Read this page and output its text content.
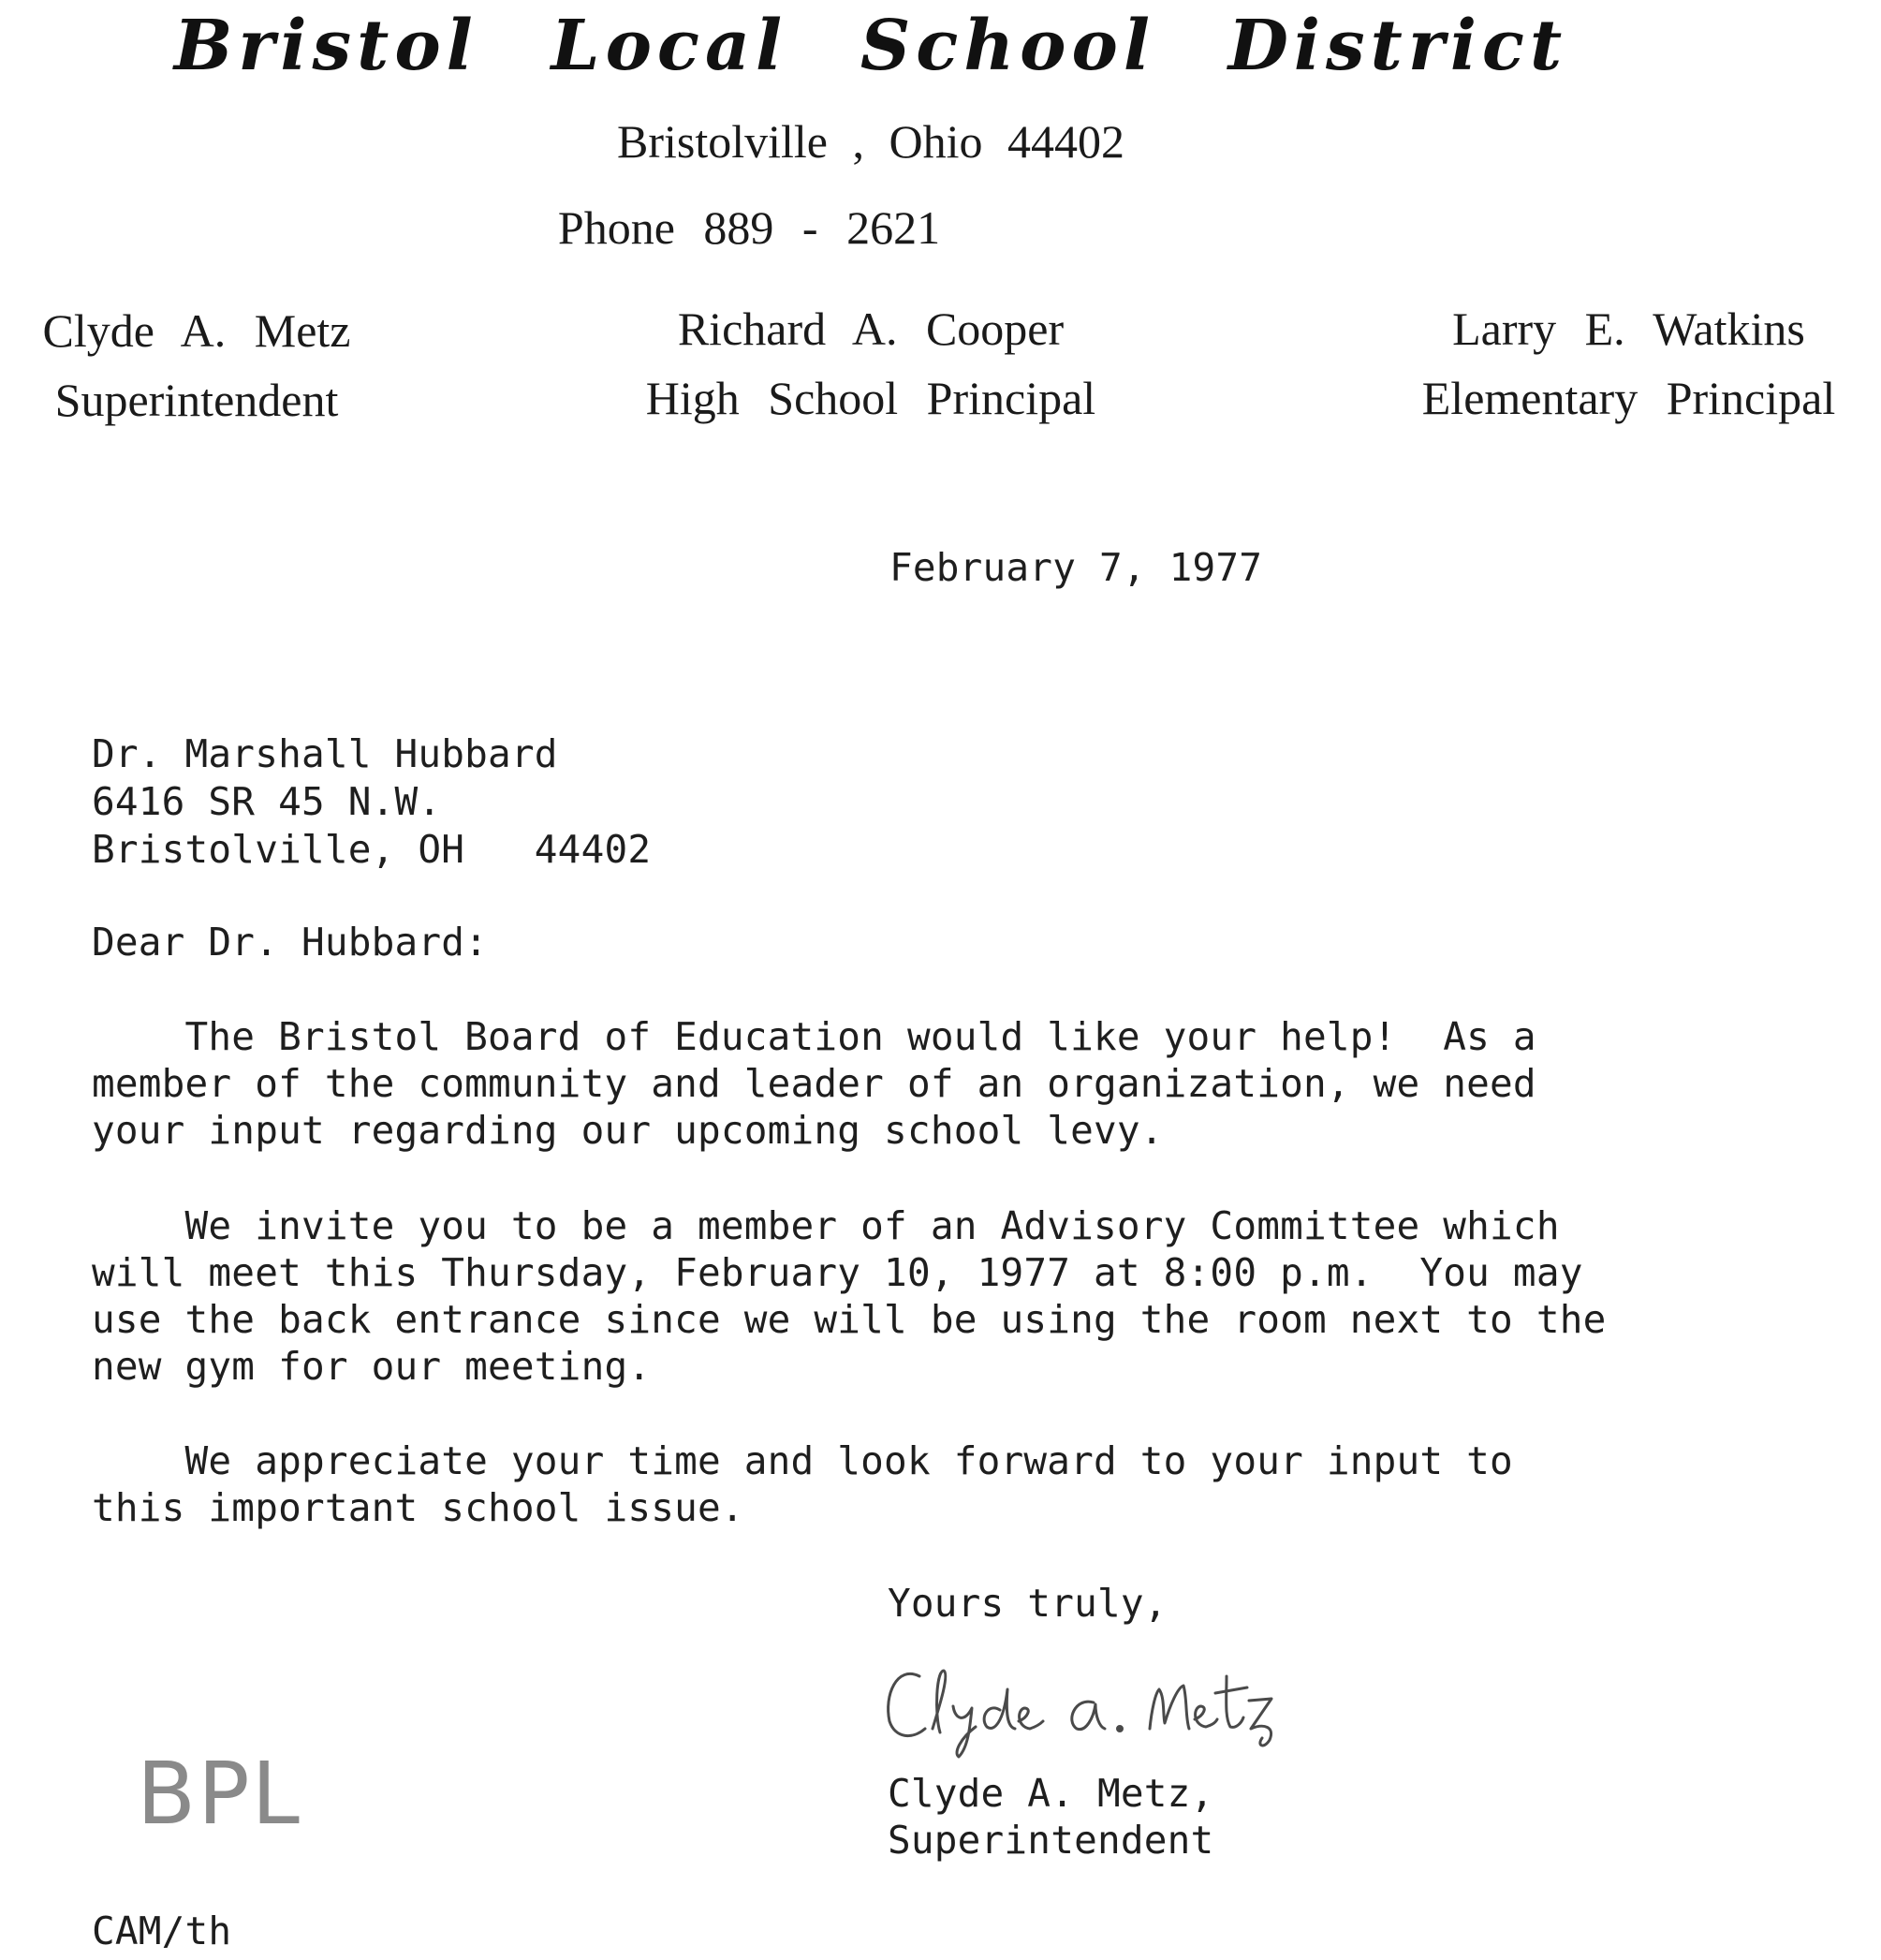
Bristol Local School District
Bristolville , Ohio 44402
Phone 889 - 2621
Clyde A. Metz
Superintendent
Richard A. Cooper
High School Principal
Larry E. Watkins
Elementary Principal
February 7, 1977
Dr. Marshall Hubbard
6416 SR 45 N.W.
Bristolville, OH   44402
Dear Dr. Hubbard:
The Bristol Board of Education would like your help!  As a
member of the community and leader of an organization, we need
your input regarding our upcoming school levy.
We invite you to be a member of an Advisory Committee which
will meet this Thursday, February 10, 1977 at 8:00 p.m.  You may
use the back entrance since we will be using the room next to the
new gym for our meeting.
We appreciate your time and look forward to your input to
this important school issue.
Yours truly,
Clyde A. Metz,
Superintendent
CAM/th
BPL
